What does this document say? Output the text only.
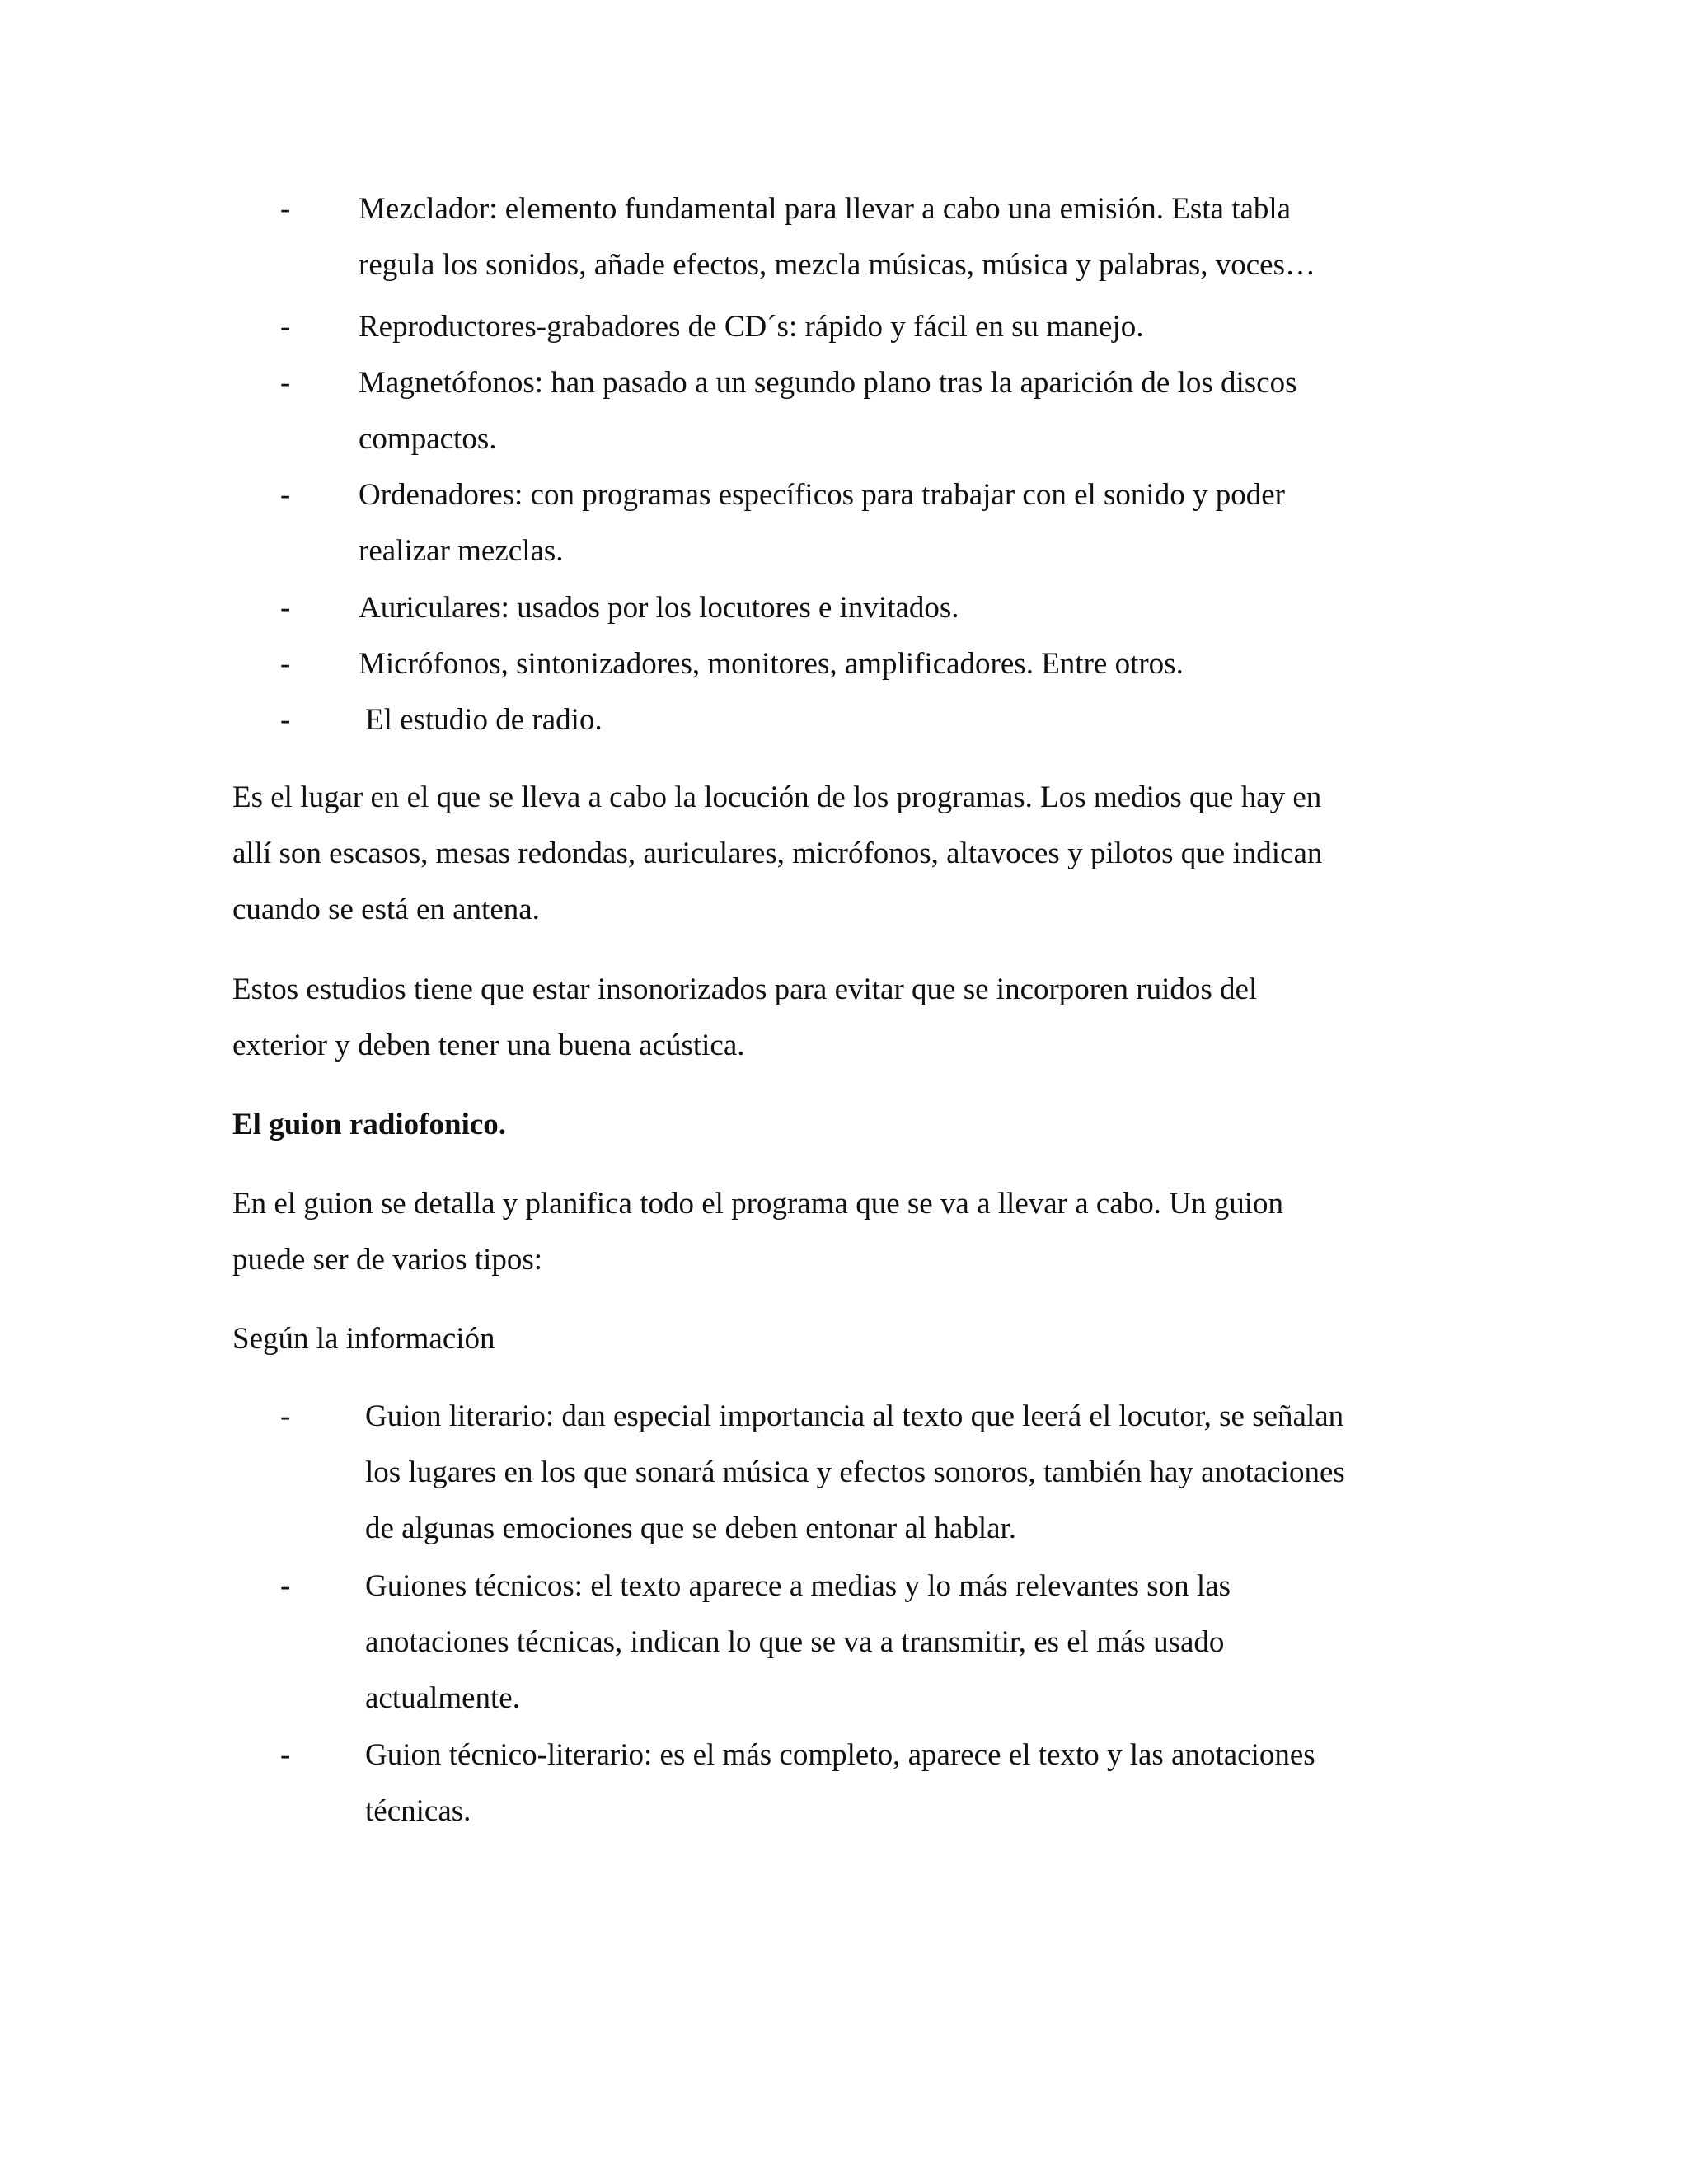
- Mezclador: elemento fundamental para llevar a cabo una emisión. Esta tabla
regula los sonidos, añade efectos, mezcla músicas, música y palabras, voces…
- Reproductores-grabadores de CD´s: rápido y fácil en su manejo.
- Magnetófonos: han pasado a un segundo plano tras la aparición de los discos
compactos.
- Ordenadores: con programas específicos para trabajar con el sonido y poder
realizar mezclas.
- Auriculares: usados por los locutores e invitados.
- Micrófonos, sintonizadores, monitores, amplificadores. Entre otros.
- El estudio de radio.
Es el lugar en el que se lleva a cabo la locución de los programas. Los medios que hay en
allí son escasos, mesas redondas, auriculares, micrófonos, altavoces y pilotos que indican
cuando se está en antena.
Estos estudios tiene que estar insonorizados para evitar que se incorporen ruidos del
exterior y deben tener una buena acústica.
El guion radiofonico.
En el guion se detalla y planifica todo el programa que se va a llevar a cabo. Un guion
puede ser de varios tipos:
Según la información
- Guion literario: dan especial importancia al texto que leerá el locutor, se señalan
los lugares en los que sonará música y efectos sonoros, también hay anotaciones
de algunas emociones que se deben entonar al hablar.
- Guiones técnicos: el texto aparece a medias y lo más relevantes son las
anotaciones técnicas, indican lo que se va a transmitir, es el más usado
actualmente.
- Guion técnico-literario: es el más completo, aparece el texto y las anotaciones
técnicas.
